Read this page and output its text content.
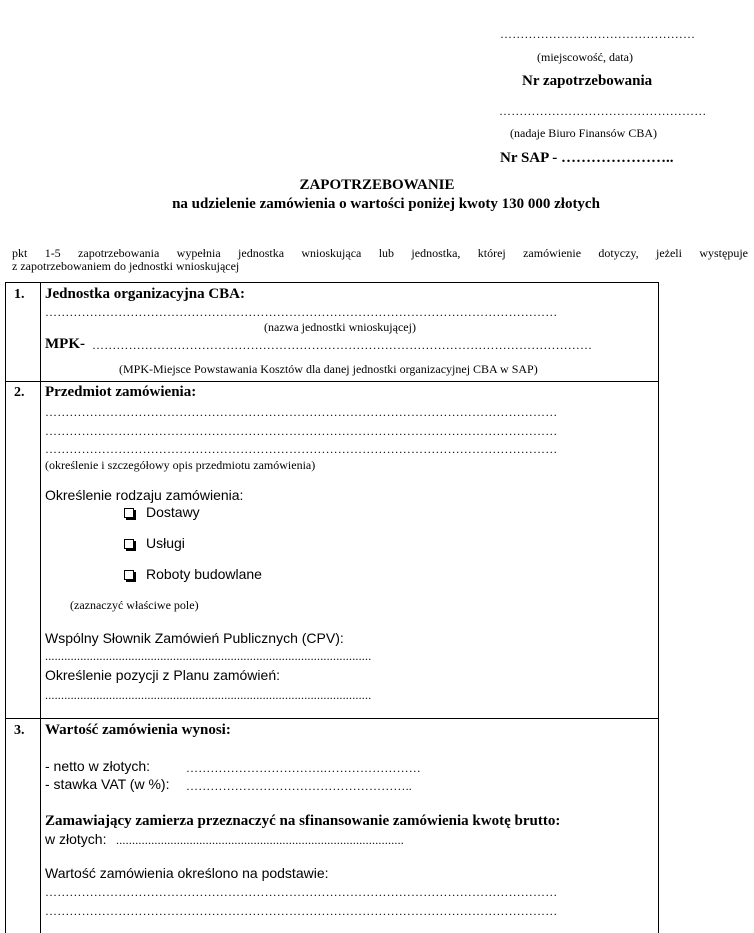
…………………………………………
(miejscowość, data)
Nr zapotrzebowania
……………………………………………
(nadaje Biuro Finansów CBA)
Nr SAP - …………………..
ZAPOTRZEBOWANIE
na udzielenie zamówienia o wartości poniżej kwoty 130 000 złotych
pkt 1-5 zapotrzebowania wypełnia jednostka wnioskująca lub jednostka, której zamówienie dotyczy, jeżeli występuje
z zapotrzebowaniem do jednostki wnioskującej
1. Jednostka organizacyjna CBA:
………………………………………………………………………………………………………………
(nazwa jednostki wnioskującej)
MPK- ……………………………………………………………………………………………………………
(MPK-Miejsce Powstawania Kosztów dla danej jednostki organizacyjnej CBA w SAP)
2. Przedmiot zamówienia:
………………………………………………………………………………………………………………
………………………………………………………………………………………………………………
………………………………………………………………………………………………………………
(określenie i szczegółowy opis przedmiotu zamówienia)
Określenie rodzaju zamówienia:
Dostawy
Usługi
Roboty budowlane
(zaznaczyć właściwe pole)
Wspólny Słownik Zamówień Publicznych (CPV):
......................................................................................................
Określenie pozycji z Planu zamówień:
......................................................................................................
3. Wartość zamówienia wynosi:
- netto w złotych:	…………………………….……………………
- stawka VAT (w %): ………………………………………………..
Zamawiający zamierza przeznaczyć na sfinansowanie zamówienia kwotę brutto:
w złotych: ..........................................................................................
Wartość zamówienia określono na podstawie:
………………………………………………………………………………………………………………
………………………………………………………………………………………………………………
